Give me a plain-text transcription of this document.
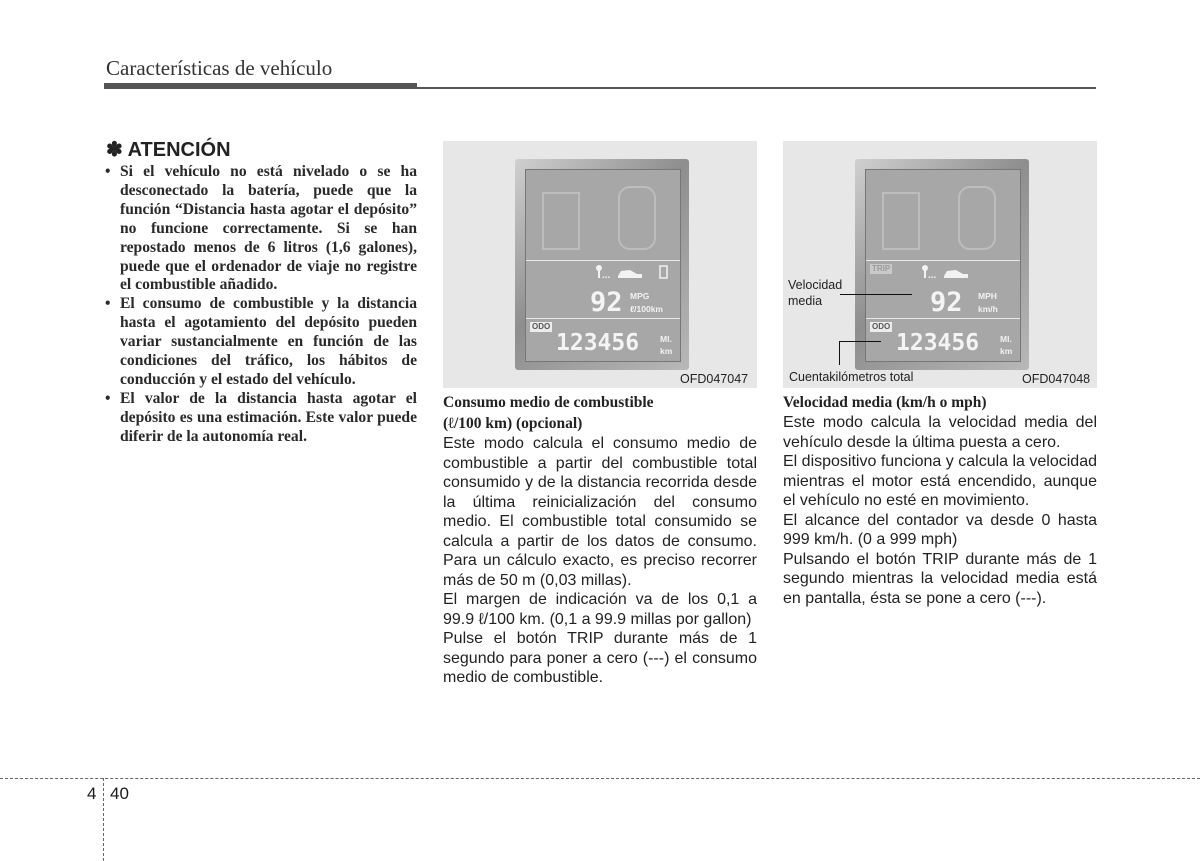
Características de vehículo
✽ ATENCIÓN
• Si el vehículo no está nivelado o se ha desconectado la batería, puede que la función “Distancia hasta agotar el depósito” no funcione correctamente. Si se han repostado menos de 6 litros (1,6 galones), puede que el ordenador de viaje no registre el combustible añadido.
• El consumo de combustible y la distancia hasta el agotamiento del depósito pueden variar sustancialmente en función de las condiciones del tráfico, los hábitos de conducción y el estado del vehículo.
• El valor de la distancia hasta agotar el depósito es una estimación. Este valor puede diferir de la autonomía real.
...
92 MPG
ℓ/100km
ODO
123456 MI.
km
OFD047047
TRIP
...
92 MPH
km/h
ODO
123456 MI.
km
Velocidad
media
Cuentakilómetros total	OFD047048
Consumo medio de combustible
(ℓ/100 km) (opcional)

Este modo calcula el consumo medio de combustible a partir del combustible total consumido y de la distancia recorrida desde la última reinicialización del consumo medio. El combustible total consumido se calcula a partir de los datos de consumo. Para un cálculo exacto, es preciso recorrer más de 50 m (0,03 millas).

El margen de indicación va de los 0,1 a 99.9 ℓ/100 km. (0,1 a 99.9 millas por gallon)

Pulse el botón TRIP durante más de 1 segundo para poner a cero (---) el consumo medio de combustible.

Velocidad media (km/h o mph)

Este modo calcula la velocidad media del vehículo desde la última puesta a cero.

El dispositivo funciona y calcula la velocidad mientras el motor está encendido, aunque el vehículo no esté en movimiento.

El alcance del contador va desde 0 hasta 999 km/h. (0 a 999 mph)

Pulsando el botón TRIP durante más de 1 segundo mientras la velocidad media está en pantalla, ésta se pone a cero (---).

4 40
